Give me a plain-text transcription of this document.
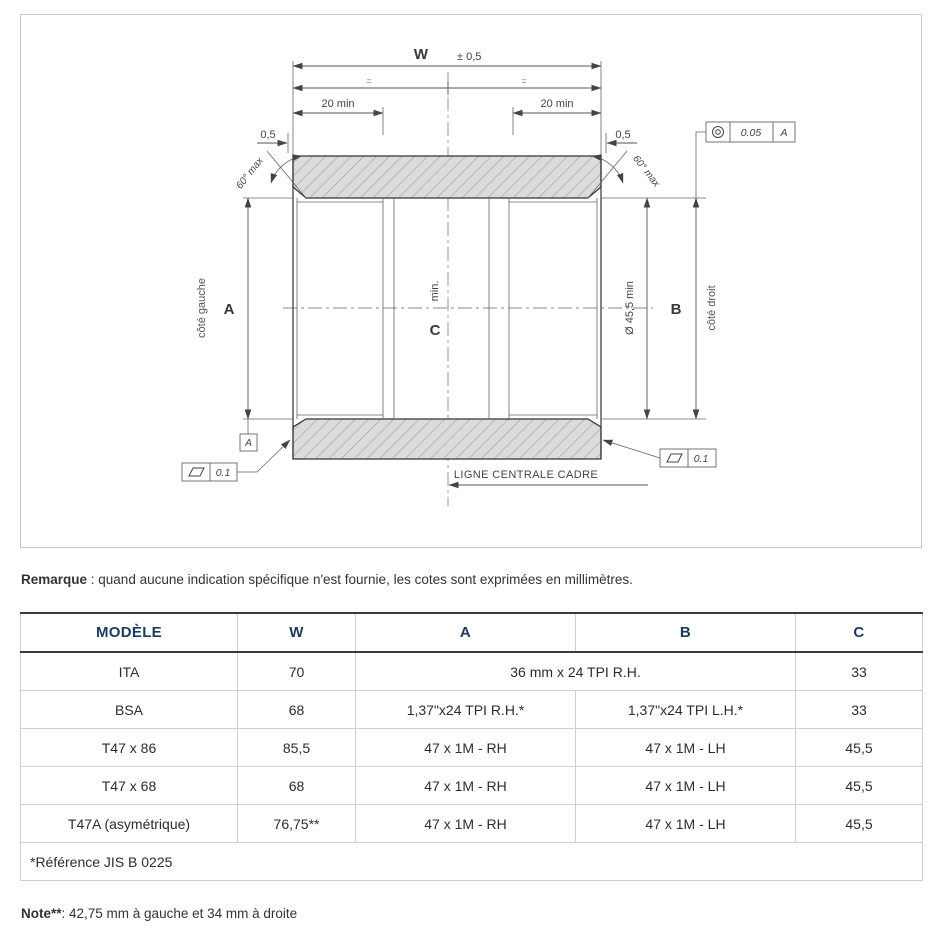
W	± 0,5
=	=
20 min	20 min
0,5	0,5
60° max	60° max
A
côté gauche	Ø 45,5 min B côté droit
min.
C
0.05 A
A
0.1
0.1
LIGNE CENTRALE CADRE

Remarque : quand aucune indication spécifique n'est fournie, les cotes sont exprimées en millimètres.

MODÈLE	W	A	B	C
ITA	70	36 mm x 24 TPI R.H.		33
BSA	68	1,37"x24 TPI R.H.*	1,37"x24 TPI L.H.*	33
T47 x 86	85,5	47 x 1M - RH	47 x 1M - LH	45,5
T47 x 68	68	47 x 1M - RH	47 x 1M - LH	45,5
T47A (asymétrique)	76,75**	47 x 1M - RH	47 x 1M - LH	45,5
*Référence JIS B 0225				

Note**: 42,75 mm à gauche et 34 mm à droite
